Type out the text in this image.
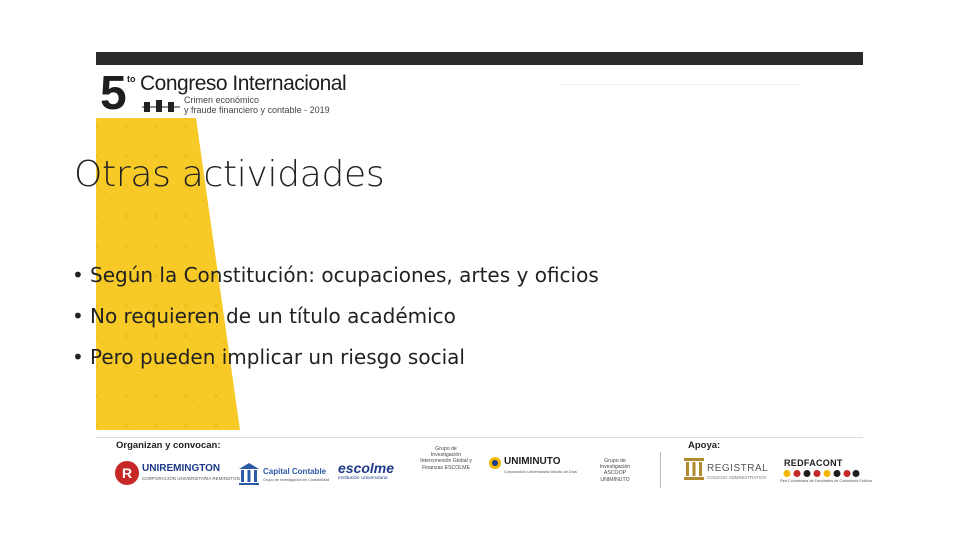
5 to Congreso Internacional
Crimen económico
y fraude financiero y contable - 2019
Otras actividades
• Según la Constitución: ocupaciones, artes y oficios
• No requieren de un título académico
• Pero pueden implicar un riesgo social
Organizan y convocan:	Apoya:
R UNIREMINGTON
CORPORACIÓN UNIVERSITARIA REMINGTON
Capital Contable
Grupo de investigación en Contabilidad
escolme
Institución Universitaria
Grupo de Investigación Interconexión Global y Finanzas ESCOLME
UNIMINUTO
Corporación Universitaria Minuto de Dios
Grupo de Investigación ASCOOP UNIMINUTO
REGISTRAL
COLEGIO ADMINISTRATIVO
REDFACONT
Red Colombiana de Facultades de Contaduría Pública
